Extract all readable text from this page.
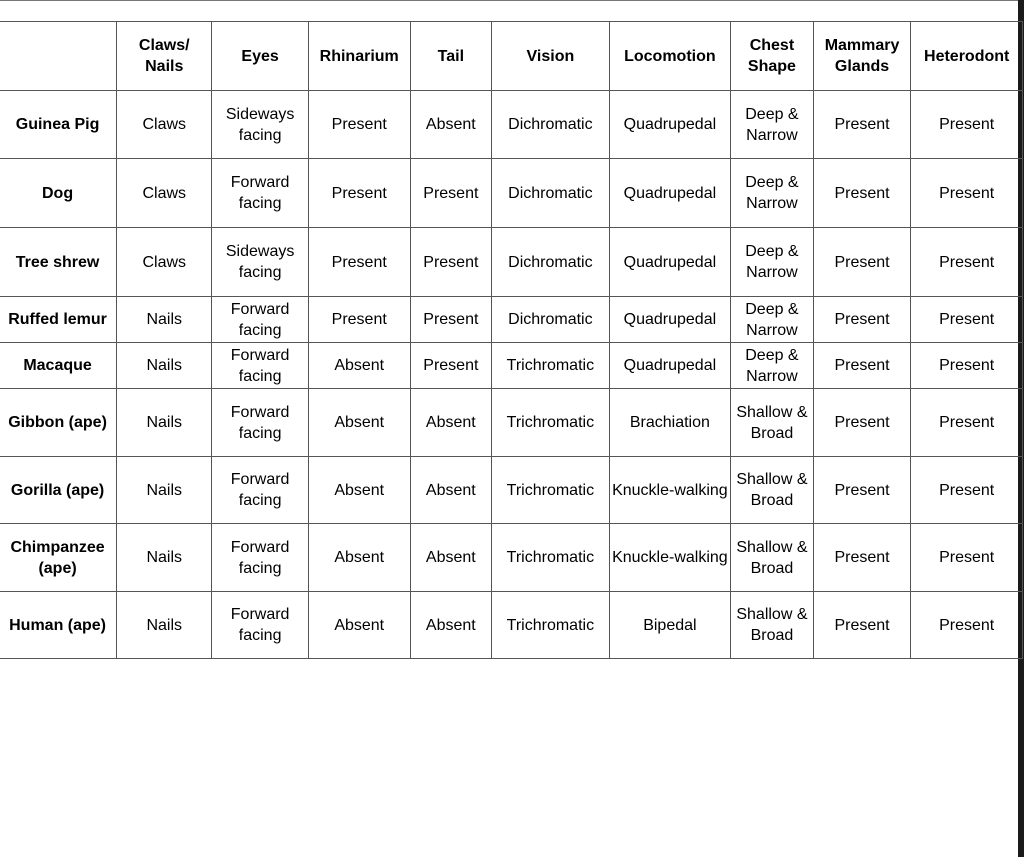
	Claws/ Nails	Eyes	Rhinarium	Tail	Vision	Locomotion	Chest Shape	Mammary Glands	Heterodont
Guinea Pig	Claws	Sideways facing	Present	Absent	Dichromatic	Quadrupedal	Deep & Narrow	Present	Present
Dog	Claws	Forward facing	Present	Present	Dichromatic	Quadrupedal	Deep & Narrow	Present	Present
Tree shrew	Claws	Sideways facing	Present	Present	Dichromatic	Quadrupedal	Deep & Narrow	Present	Present
Ruffed lemur	Nails	Forward facing	Present	Present	Dichromatic	Quadrupedal	Deep & Narrow	Present	Present
Macaque	Nails	Forward facing	Absent	Present	Trichromatic	Quadrupedal	Deep & Narrow	Present	Present
Gibbon (ape)	Nails	Forward facing	Absent	Absent	Trichromatic	Brachiation	Shallow & Broad	Present	Present
Gorilla (ape)	Nails	Forward facing	Absent	Absent	Trichromatic	Knuckle-walking	Shallow & Broad	Present	Present
Chimpanzee (ape)	Nails	Forward facing	Absent	Absent	Trichromatic	Knuckle-walking	Shallow & Broad	Present	Present
Human (ape)	Nails	Forward facing	Absent	Absent	Trichromatic	Bipedal	Shallow & Broad	Present	Present
